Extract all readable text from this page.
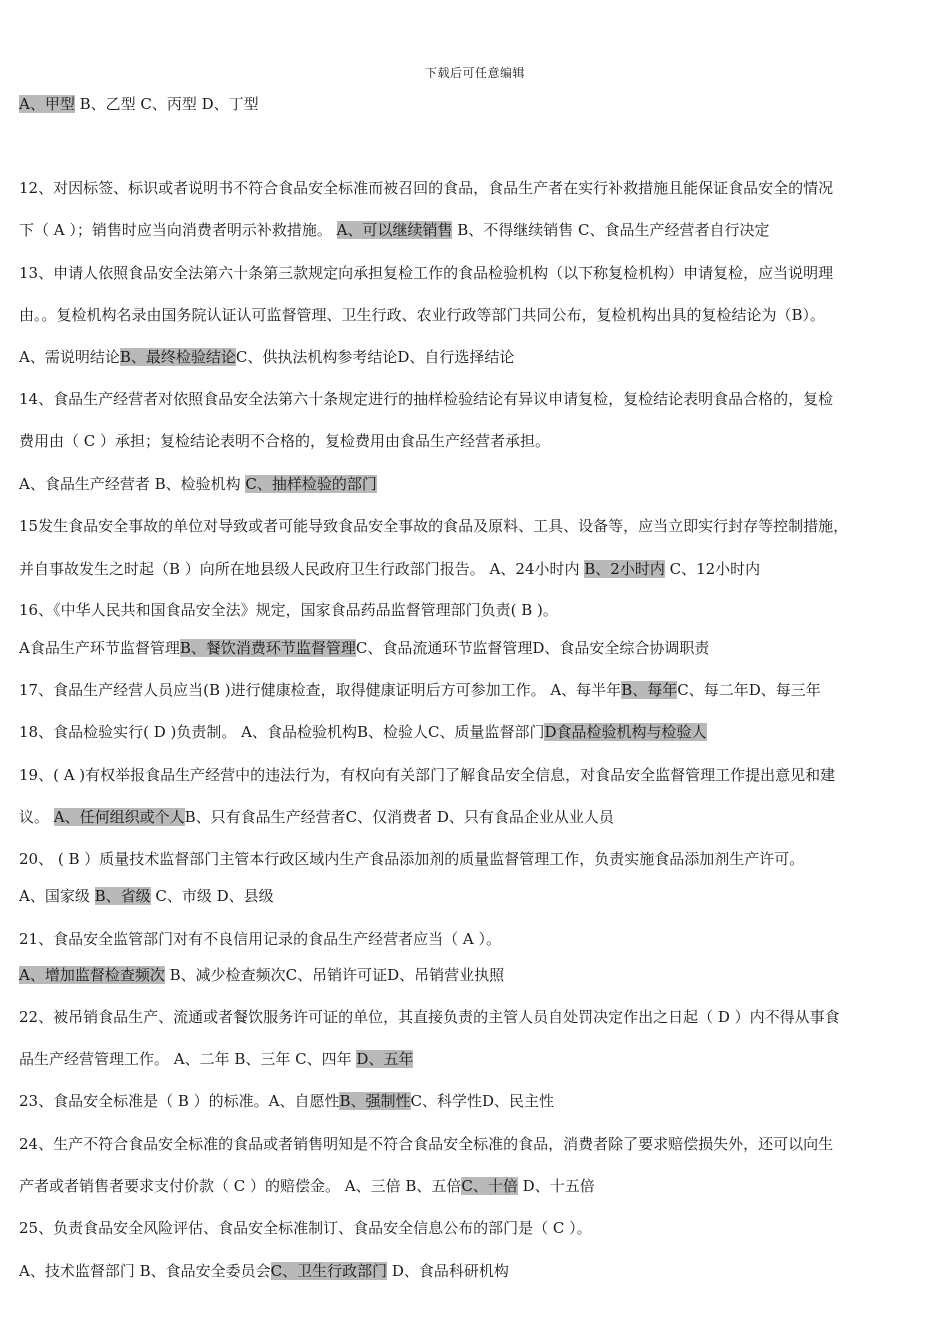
下载后可任意编辑
A、甲型 B、乙型 C、丙型 D、丁型
12、对因标签、标识或者说明书不符合食品安全标准而被召回的食品，食品生产者在实行补救措施且能保证食品安全的情况
下（ A ）；销售时应当向消费者明示补救措施。 A、可以继续销售 B、不得继续销售 C、食品生产经营者自行决定
13、申请人依照食品安全法第六十条第三款规定向承担复检工作的食品检验机构（以下称复检机构）申请复检，应当说明理
由。。复检机构名录由国务院认证认可监督管理、卫生行政、农业行政等部门共同公布，复检机构出具的复检结论为（B）。
A、需说明结论B、最终检验结论C、供执法机构参考结论D、自行选择结论
14、食品生产经营者对依照食品安全法第六十条规定进行的抽样检验结论有异议申请复检，复检结论表明食品合格的，复检
费用由（ C ）承担；复检结论表明不合格的，复检费用由食品生产经营者承担。
A、食品生产经营者 B、检验机构 C、抽样检验的部门
15发生食品安全事故的单位对导致或者可能导致食品安全事故的食品及原料、工具、设备等，应当立即实行封存等控制措施，
并自事故发生之时起（B ）向所在地县级人民政府卫生行政部门报告。 A、24小时内 B、2小时内 C、12小时内
16、《中华人民共和国食品安全法》规定，国家食品药品监督管理部门负责( B )。
A食品生产环节监督管理B、餐饮消费环节监督管理C、食品流通环节监督管理D、食品安全综合协调职责
17、食品生产经营人员应当(B )进行健康检查，取得健康证明后方可参加工作。 A、每半年B、每年C、每二年D、每三年
18、食品检验实行( D )负责制。 A、食品检验机构B、检验人C、质量监督部门D食品检验机构与检验人
19、( A )有权举报食品生产经营中的违法行为，有权向有关部门了解食品安全信息，对食品安全监督管理工作提出意见和建
议。 A、任何组织或个人B、只有食品生产经营者C、仅消费者 D、只有食品企业从业人员
20、 ( B ）质量技术监督部门主管本行政区域内生产食品添加剂的质量监督管理工作，负责实施食品添加剂生产许可。
A、国家级 B、省级 C、市级 D、县级
21、食品安全监管部门对有不良信用记录的食品生产经营者应当（ A ）。
A、增加监督检查频次 B、减少检查频次C、吊销许可证D、吊销营业执照
22、被吊销食品生产、流通或者餐饮服务许可证的单位，其直接负责的主管人员自处罚决定作出之日起（ D ）内不得从事食
品生产经营管理工作。 A、二年 B、三年 C、四年 D、五年
23、食品安全标准是（ B ）的标准。A、自愿性B、强制性C、科学性D、民主性
24、生产不符合食品安全标准的食品或者销售明知是不符合食品安全标准的食品，消费者除了要求赔偿损失外，还可以向生
产者或者销售者要求支付价款（ C ）的赔偿金。 A、三倍 B、五倍C、十倍 D、十五倍
25、负责食品安全风险评估、食品安全标准制订、食品安全信息公布的部门是（ C ）。
A、技术监督部门 B、食品安全委员会C、卫生行政部门 D、食品科研机构
